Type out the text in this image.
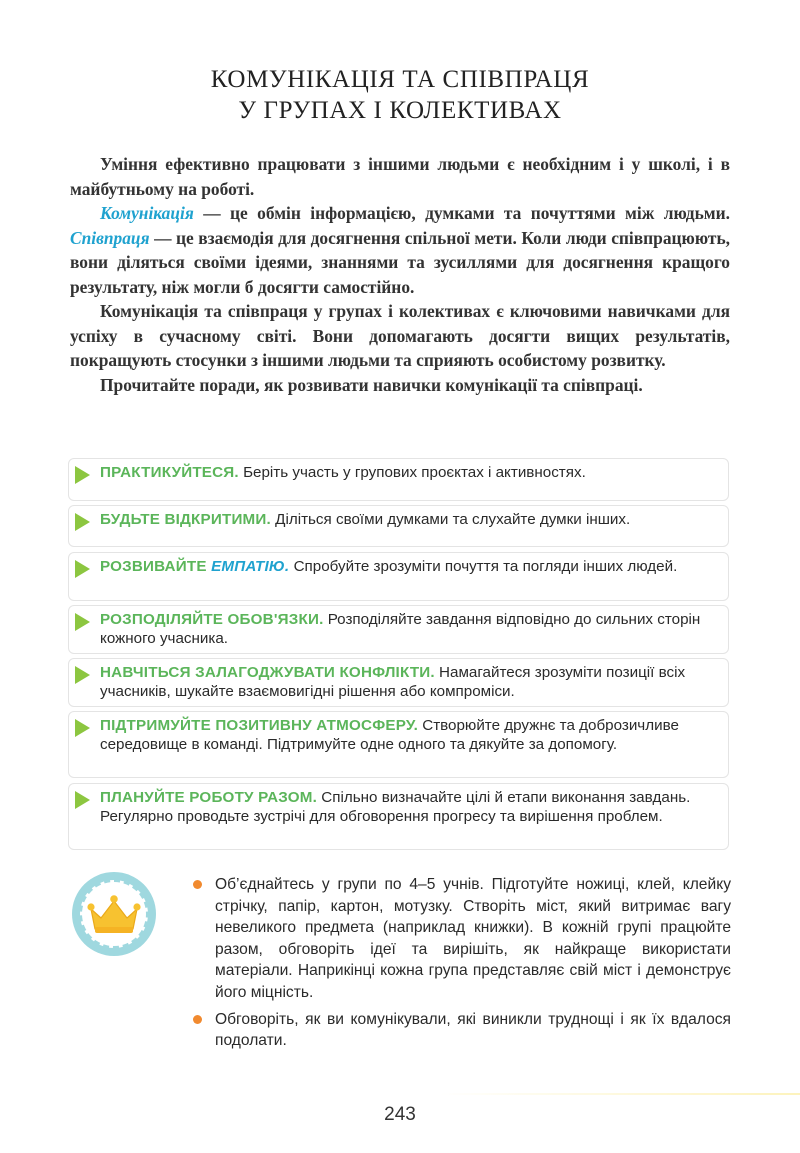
КОМУНІКАЦІЯ ТА СПІВПРАЦЯ
У ГРУПАХ І КОЛЕКТИВАХ

Уміння ефективно працювати з іншими людьми є необхідним і у школі, і в майбутньому на роботі.

Комунікація — це обмін інформацією, думками та почуттями між людьми. Співпраця — це взаємодія для досягнення спільної мети. Коли люди співпрацюють, вони діляться своїми ідеями, знаннями та зусиллями для досягнення кращого результату, ніж могли б досягти самостійно.

Комунікація та співпраця у групах і колективах є ключовими навичками для успіху в сучасному світі. Вони допомагають досягти вищих результатів, покращують стосунки з іншими людьми та сприяють особистому розвитку.

Прочитайте поради, як розвивати навички комунікації та співпраці.

ПРАКТИКУЙТЕСЯ. Беріть участь у групових проєктах і активностях.
БУДЬТЕ ВІДКРИТИМИ. Діліться своїми думками та слухайте думки інших.
РОЗВИВАЙТЕ ЕМПАТІЮ. Спробуйте зрозуміти почуття та погляди інших людей.
РОЗПОДІЛЯЙТЕ ОБОВ'ЯЗКИ. Розподіляйте завдання відповідно до сильних сторін кожного учасника.
НАВЧІТЬСЯ ЗАЛАГОДЖУВАТИ КОНФЛІКТИ. Намагайтеся зрозуміти позиції всіх учасників, шукайте взаємовигідні рішення або компроміси.
ПІДТРИМУЙТЕ ПОЗИТИВНУ АТМОСФЕРУ. Створюйте дружнє та доброзичливе середовище в команді. Підтримуйте одне одного та дякуйте за допомогу.
ПЛАНУЙТЕ РОБОТУ РАЗОМ. Спільно визначайте цілі й етапи виконання завдань. Регулярно проводьте зустрічі для обговорення прогресу та вирішення проблем.
Об’єднайтесь у групи по 4–5 учнів. Підготуйте ножиці, клей, клейку стрічку, папір, картон, мотузку. Створіть міст, який витримає вагу невеликого предмета (наприклад книжки). В кожній групі працюйте разом, обговоріть ідеї та вирішіть, як найкраще використати матеріали. Наприкінці кожна група представляє свій міст і демонструє його міцність.
Обговоріть, як ви комунікували, які виникли труднощі і як їх вдалося подолати.
243
